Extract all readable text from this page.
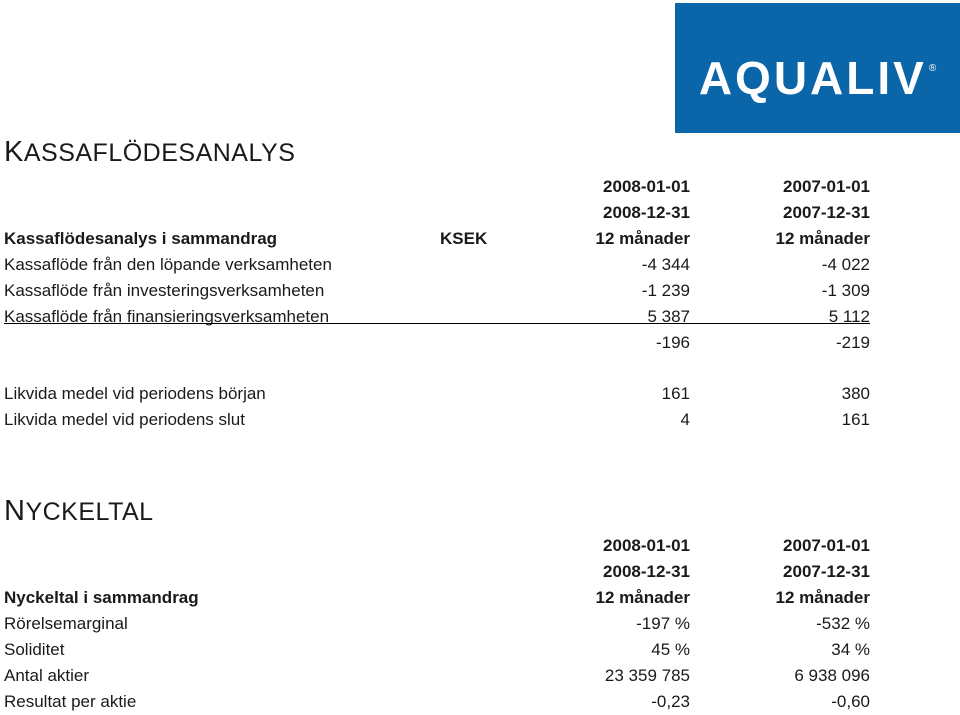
AQUALIV ®
KASSAFLÖDESANALYS
2008-01-01	2007-01-01
2008-12-31	2007-12-31
Kassaflödesanalys i sammandrag	KSEK	12 månader	12 månader
Kassaflöde från den löpande verksamheten	-4 344	-4 022
Kassaflöde från investeringsverksamheten	-1 239	-1 309
Kassaflöde från finansieringsverksamheten	5 387	5 112
-196	-219
Likvida medel vid periodens början	161	380
Likvida medel vid periodens slut	4	161
NYCKELTAL
2008-01-01	2007-01-01
2008-12-31	2007-12-31
Nyckeltal i sammandrag	12 månader	12 månader
Rörelsemarginal	-197 %	-532 %
Soliditet	45 %	34 %
Antal aktier	23 359 785	6 938 096
Resultat per aktie	-0,23	-0,60
